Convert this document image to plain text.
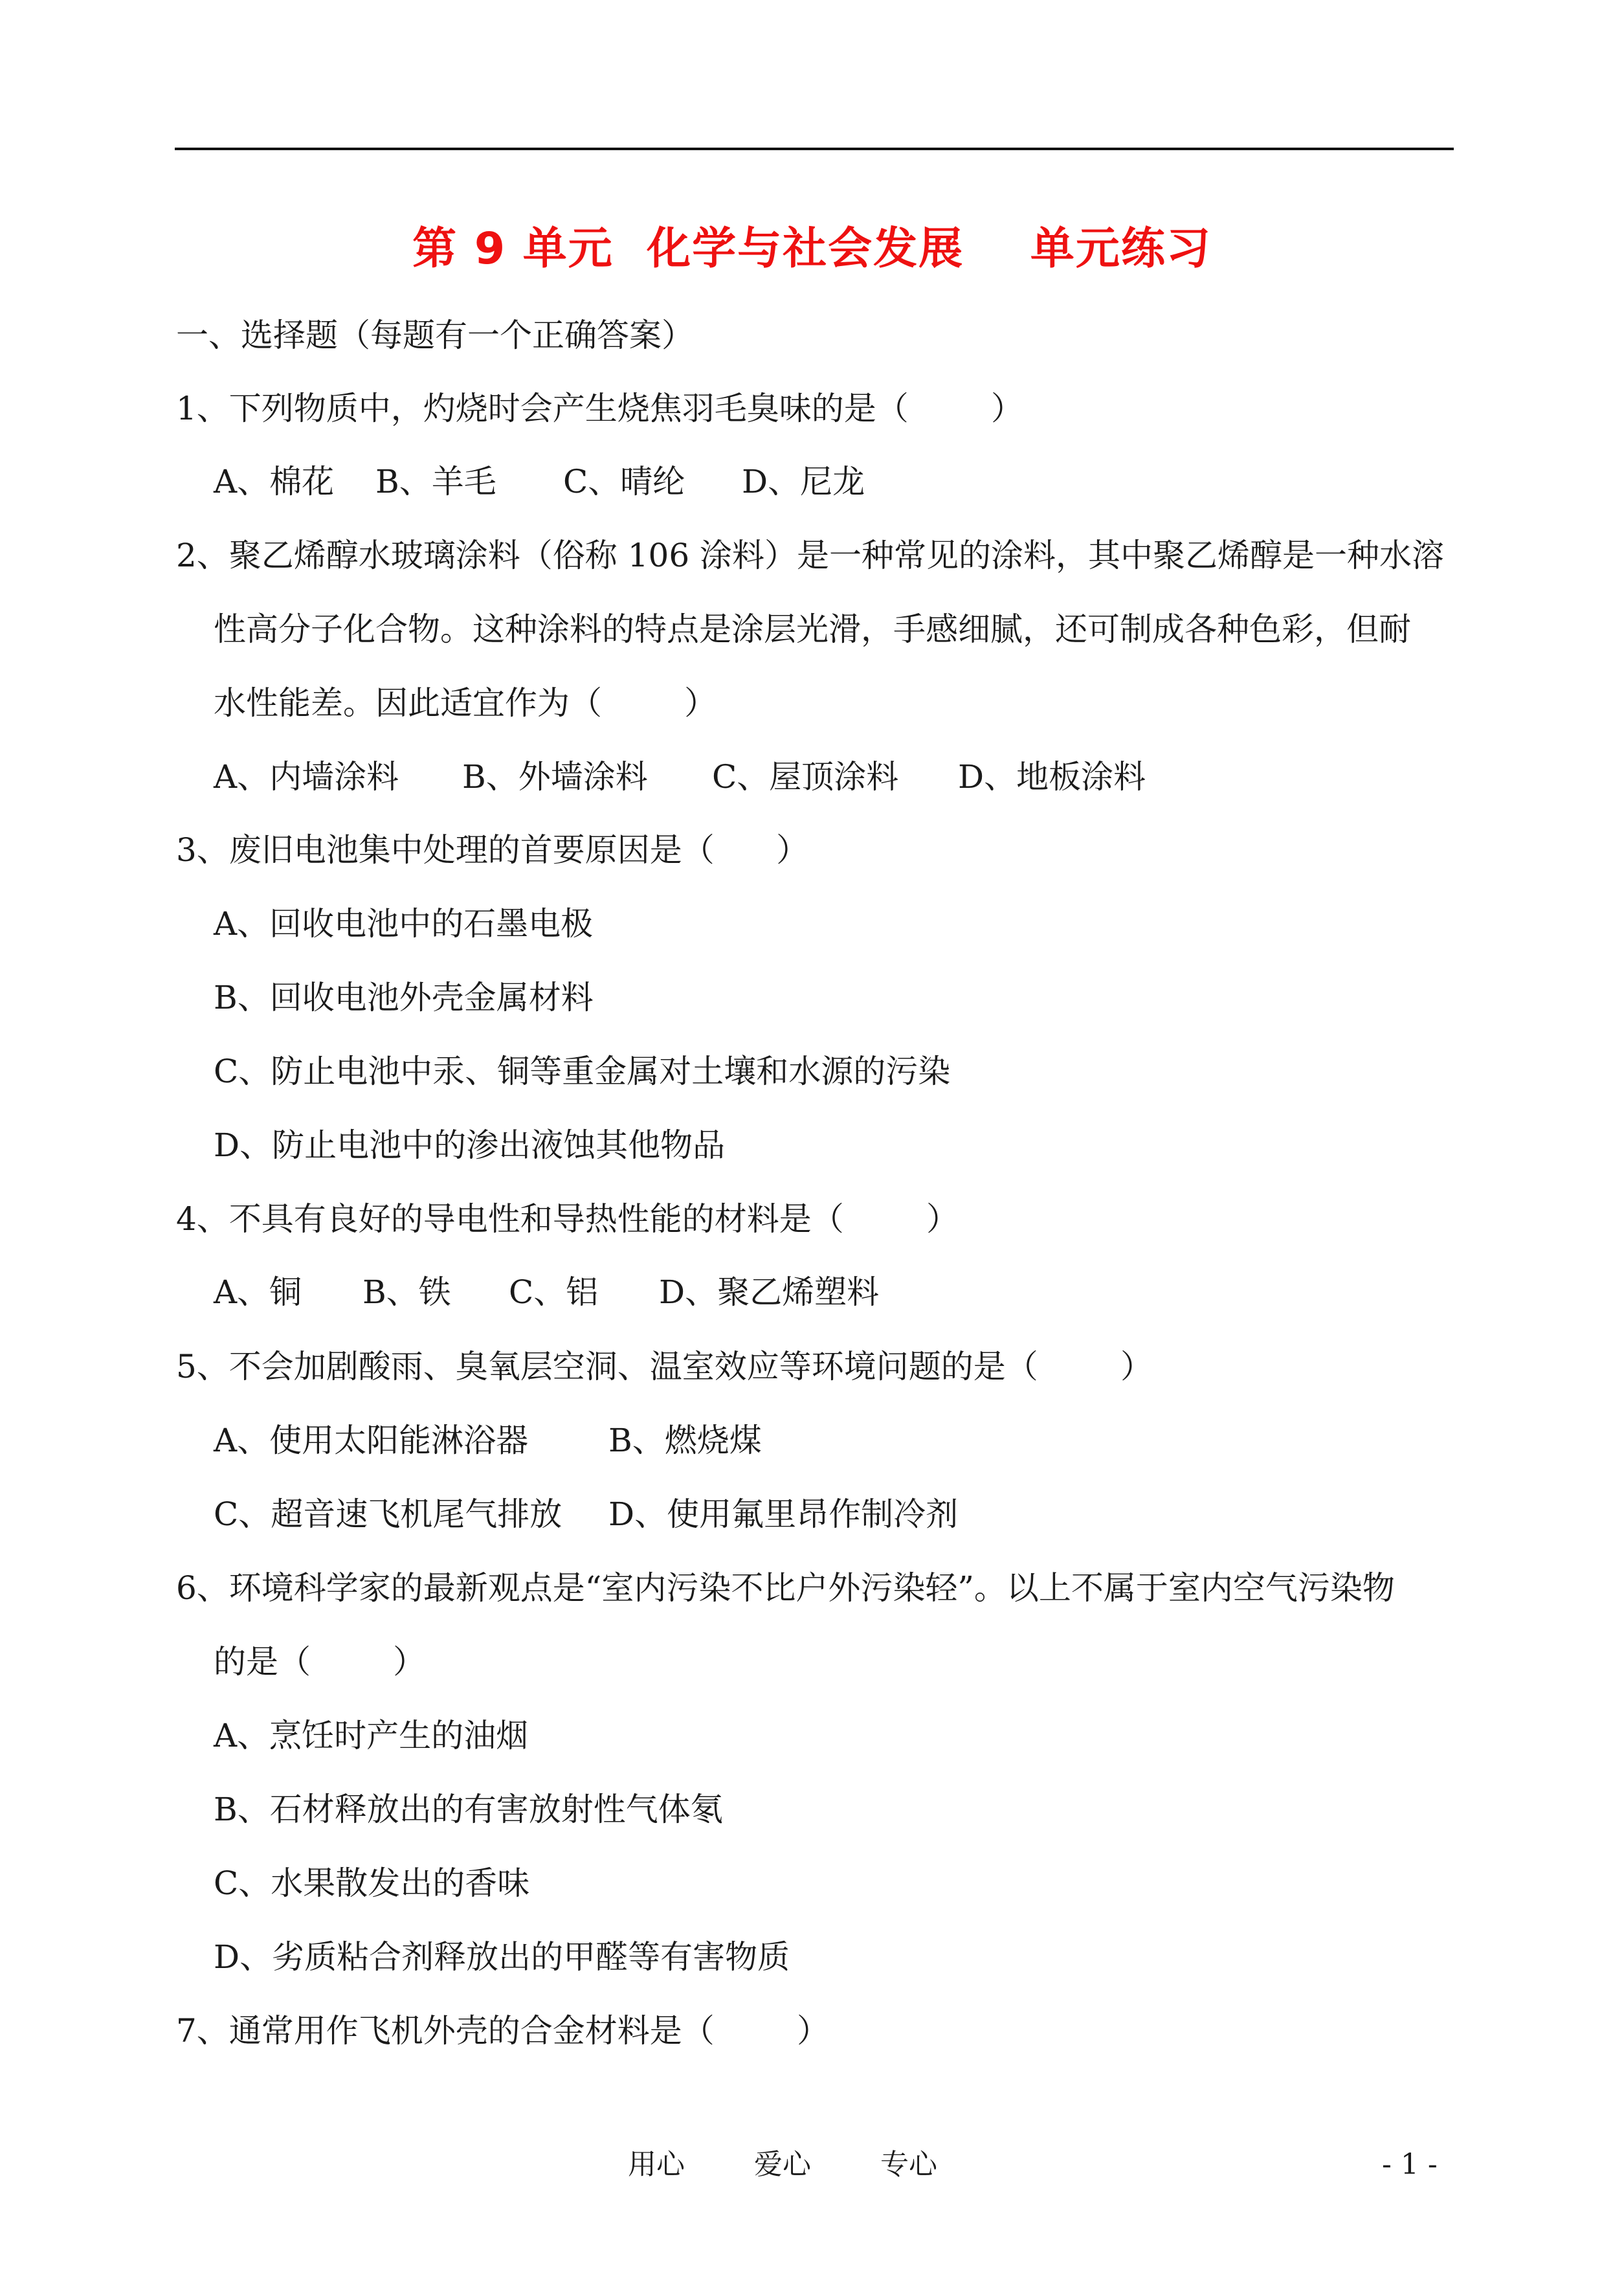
第 9 单元  化学与社会发展    单元练习
一、选择题（每题有一个正确答案）
1、下列物质中，灼烧时会产生烧焦羽毛臭味的是（        ）

A、棉花

B、羊毛

C、晴纶

D、尼龙

2、聚乙烯醇水玻璃涂料（俗称 106 涂料）是一种常见的涂料，其中聚乙烯醇是一种水溶
性高分子化合物。这种涂料的特点是涂层光滑，手感细腻，还可制成各种色彩，但耐
水性能差。因此适宜作为（        ）

A、内墙涂料

B、外墙涂料

C、屋顶涂料

D、地板涂料

3、废旧电池集中处理的首要原因是（      ）
A、回收电池中的石墨电极
B、回收电池外壳金属材料
C、防止电池中汞、铜等重金属对土壤和水源的污染
D、防止电池中的渗出液蚀其他物品
4、不具有良好的导电性和导热性能的材料是（        ）

A、铜

B、铁

C、铝

D、聚乙烯塑料

5、不会加剧酸雨、臭氧层空洞、温室效应等环境问题的是（        ）

A、使用太阳能淋浴器

B、燃烧煤

C、超音速飞机尾气排放

D、使用氟里昂作制冷剂

6、环境科学家的最新观点是“室内污染不比户外污染轻”。以上不属于室内空气污染物
的是（        ）
A、烹饪时产生的油烟
B、石材释放出的有害放射性气体氡
C、水果散发出的香味
D、劣质粘合剂释放出的甲醛等有害物质
7、通常用作飞机外壳的合金材料是（        ）
用心 爱心 专心	- 1 -
